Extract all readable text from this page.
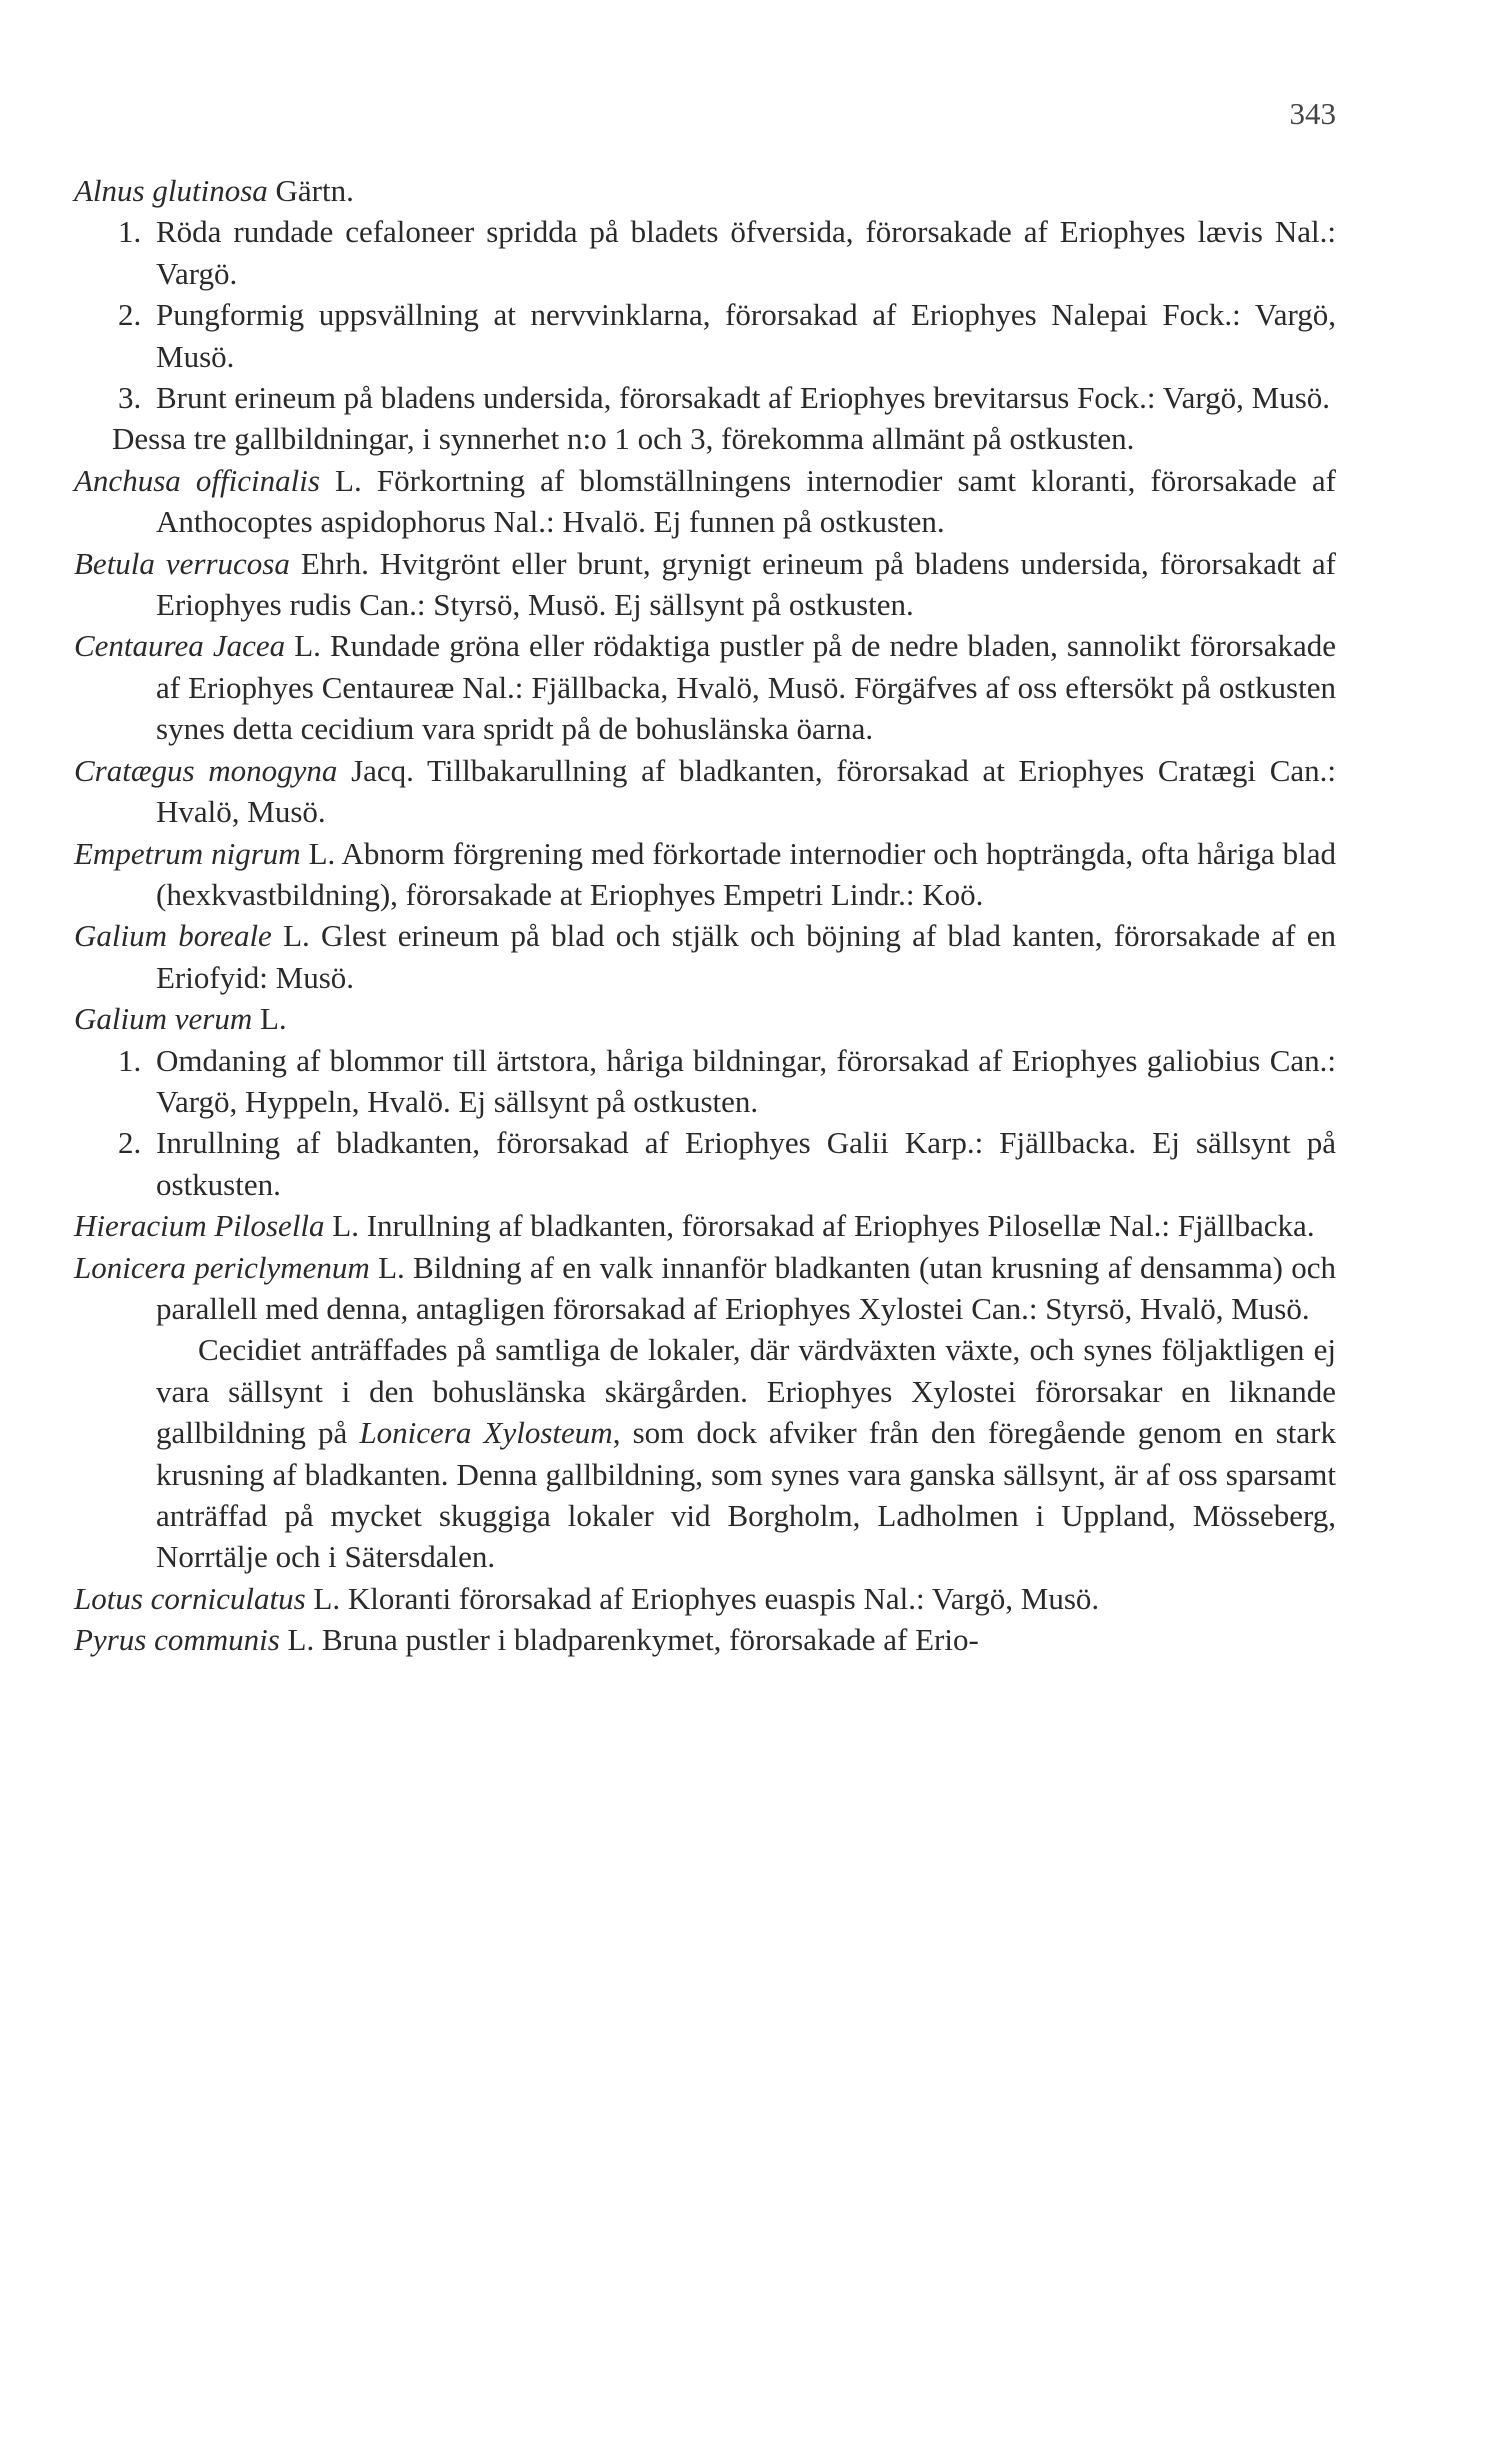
343

Alnus glutinosa Gärtn.

1. Röda rundade cefaloneer spridda på bladets öfversida, förorsakade af Eriophyes lævis Nal.: Vargö.

2. Pungformig uppsvällning at nervvinklarna, förorsakad af Eriophyes Nalepai Fock.: Vargö, Musö.

3. Brunt erineum på bladens undersida, förorsakadt af Eriophyes brevitarsus Fock.: Vargö, Musö.

Dessa tre gallbildningar, i synnerhet n:o 1 och 3, förekomma allmänt på ostkusten.

Anchusa officinalis L. Förkortning af blomställningens internodier samt kloranti, förorsakade af Anthocoptes aspidophorus Nal.: Hvalö. Ej funnen på ostkusten.

Betula verrucosa Ehrh. Hvitgrönt eller brunt, grynigt erineum på bladens undersida, förorsakadt af Eriophyes rudis Can.: Styrsö, Musö. Ej sällsynt på ostkusten.

Centaurea Jacea L. Rundade gröna eller rödaktiga pustler på de nedre bladen, sannolikt förorsakade af Eriophyes Centaureæ Nal.: Fjällbacka, Hvalö, Musö. Förgäfves af oss eftersökt på ostkusten synes detta cecidium vara spridt på de bohuslänska öarna.

Cratægus monogyna Jacq. Tillbakarullning af bladkanten, förorsakad at Eriophyes Cratægi Can.: Hvalö, Musö.

Empetrum nigrum L. Abnorm förgrening med förkortade internodier och hopträngda, ofta håriga blad (hexkvastbildning), förorsakade at Eriophyes Empetri Lindr.: Koö.

Galium boreale L. Glest erineum på blad och stjälk och böjning af blad kanten, förorsakade af en Eriofyid: Musö.

Galium verum L.

1. Omdaning af blommor till ärtstora, håriga bildningar, förorsakad af Eriophyes galiobius Can.: Vargö, Hyppeln, Hvalö. Ej sällsynt på ostkusten.

2. Inrullning af bladkanten, förorsakad af Eriophyes Galii Karp.: Fjällbacka. Ej sällsynt på ostkusten.

Hieracium Pilosella L. Inrullning af bladkanten, förorsakad af Eriophyes Pilosellæ Nal.: Fjällbacka.

Lonicera periclymenum L. Bildning af en valk innanför bladkanten (utan krusning af densamma) och parallell med denna, antagligen förorsakad af Eriophyes Xylostei Can.: Styrsö, Hvalö, Musö.

Cecidiet anträffades på samtliga de lokaler, där värdväxten växte, och synes följaktligen ej vara sällsynt i den bohuslänska skärgården. Eriophyes Xylostei förorsakar en liknande gallbildning på Lonicera Xylosteum, som dock afviker från den föregående genom en stark krusning af bladkanten. Denna gallbildning, som synes vara ganska sällsynt, är af oss sparsamt anträffad på mycket skuggiga lokaler vid Borgholm, Ladholmen i Uppland, Mösseberg, Norrtälje och i Sätersdalen.

Lotus corniculatus L. Kloranti förorsakad af Eriophyes euaspis Nal.: Vargö, Musö.

Pyrus communis L. Bruna pustler i bladparenkymet, förorsakade af Erio-
